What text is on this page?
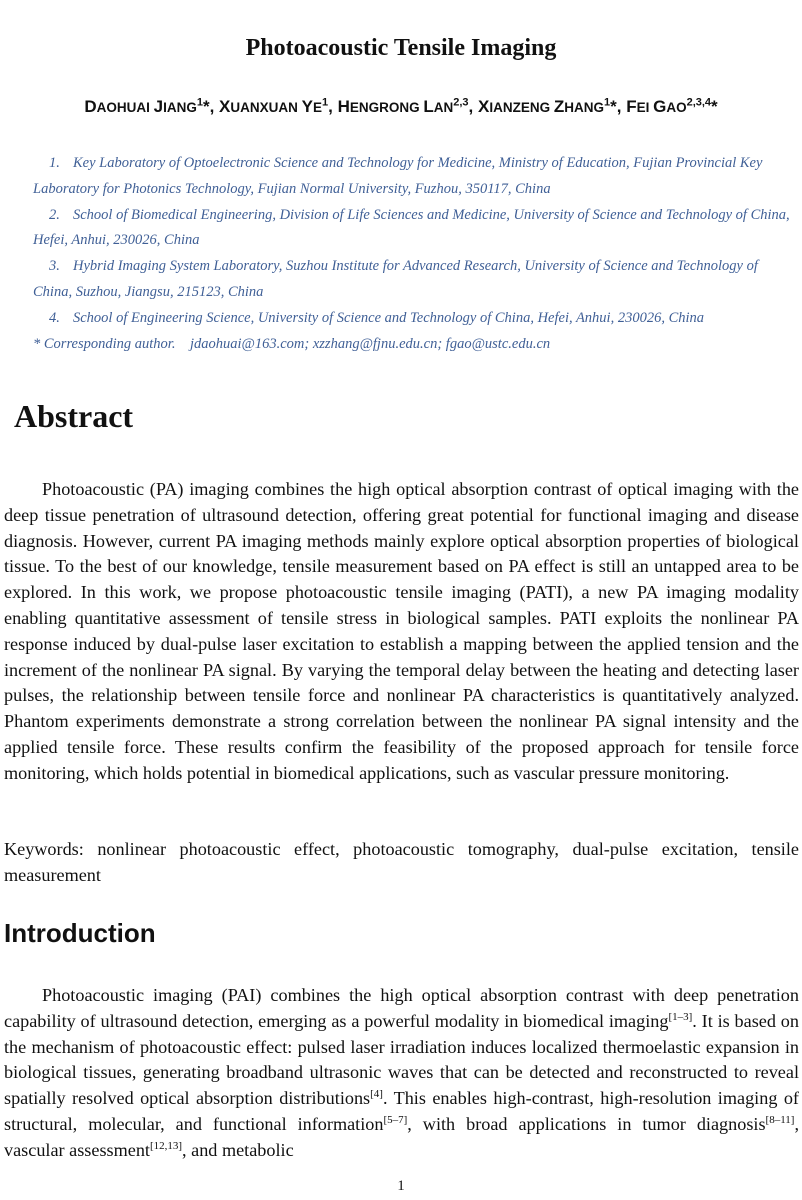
Photoacoustic Tensile Imaging
DAOHUAI JIANG$^1$*, XUANXUAN $YE^1$, HENGRONG LAN$^{2,3}$, XIANZENG ZHANG$^1$*, FEI GAO$^{2,3,4}$*
1. Key Laboratory of Optoelectronic Science and Technology for Medicine, Ministry of Education, Fujian Provincial Key Laboratory for Photonics Technology, Fujian Normal University, Fuzhou, 350117, China
2. School of Biomedical Engineering, Division of Life Sciences and Medicine, University of Science and Technology of China, Hefei, Anhui, 230026, China
3. Hybrid Imaging System Laboratory, Suzhou Institute for Advanced Research, University of Science and Technology of China, Suzhou, Jiangsu, 215123, China
4. School of Engineering Science, University of Science and Technology of China, Hefei, Anhui, 230026, China
* Corresponding author.    jdaohuai@163.com; xzzhang@fjnu.edu.cn; fgao@ustc.edu.cn
Abstract
Photoacoustic (PA) imaging combines the high optical absorption contrast of optical imaging with the deep tissue penetration of ultrasound detection, offering great potential for functional imaging and disease diagnosis. However, current PA imaging methods mainly explore optical absorption properties of biological tissue. To the best of our knowledge, tensile measurement based on PA effect is still an untapped area to be explored. In this work, we propose photoacoustic tensile imaging (PATI), a new PA imaging modality enabling quantitative assessment of tensile stress in biological samples. PATI exploits the nonlinear PA response induced by dual-pulse laser excitation to establish a mapping between the applied tension and the increment of the nonlinear PA signal. By varying the temporal delay between the heating and detecting laser pulses, the relationship between tensile force and nonlinear PA characteristics is quantitatively analyzed. Phantom experiments demonstrate a strong correlation between the nonlinear PA signal intensity and the applied tensile force. These results confirm the feasibility of the proposed approach for tensile force monitoring, which holds potential in biomedical applications, such as vascular pressure monitoring.
Keywords: nonlinear photoacoustic effect, photoacoustic tomography, dual-pulse excitation, tensile measurement
Introduction
Photoacoustic imaging (PAI) combines the high optical absorption contrast with deep penetration capability of ultrasound detection, emerging as a powerful modality in biomedical imaging[1–3]. It is based on the mechanism of photoacoustic effect: pulsed laser irradiation induces localized thermoelastic expansion in biological tissues, generating broadband ultrasonic waves that can be detected and reconstructed to reveal spatially resolved optical absorption distributions[4]. This enables high-contrast, high-resolution imaging of structural, molecular, and functional information[5–7], with broad applications in tumor diagnosis[8–11], vascular assessment[12,13], and metabolic
1
